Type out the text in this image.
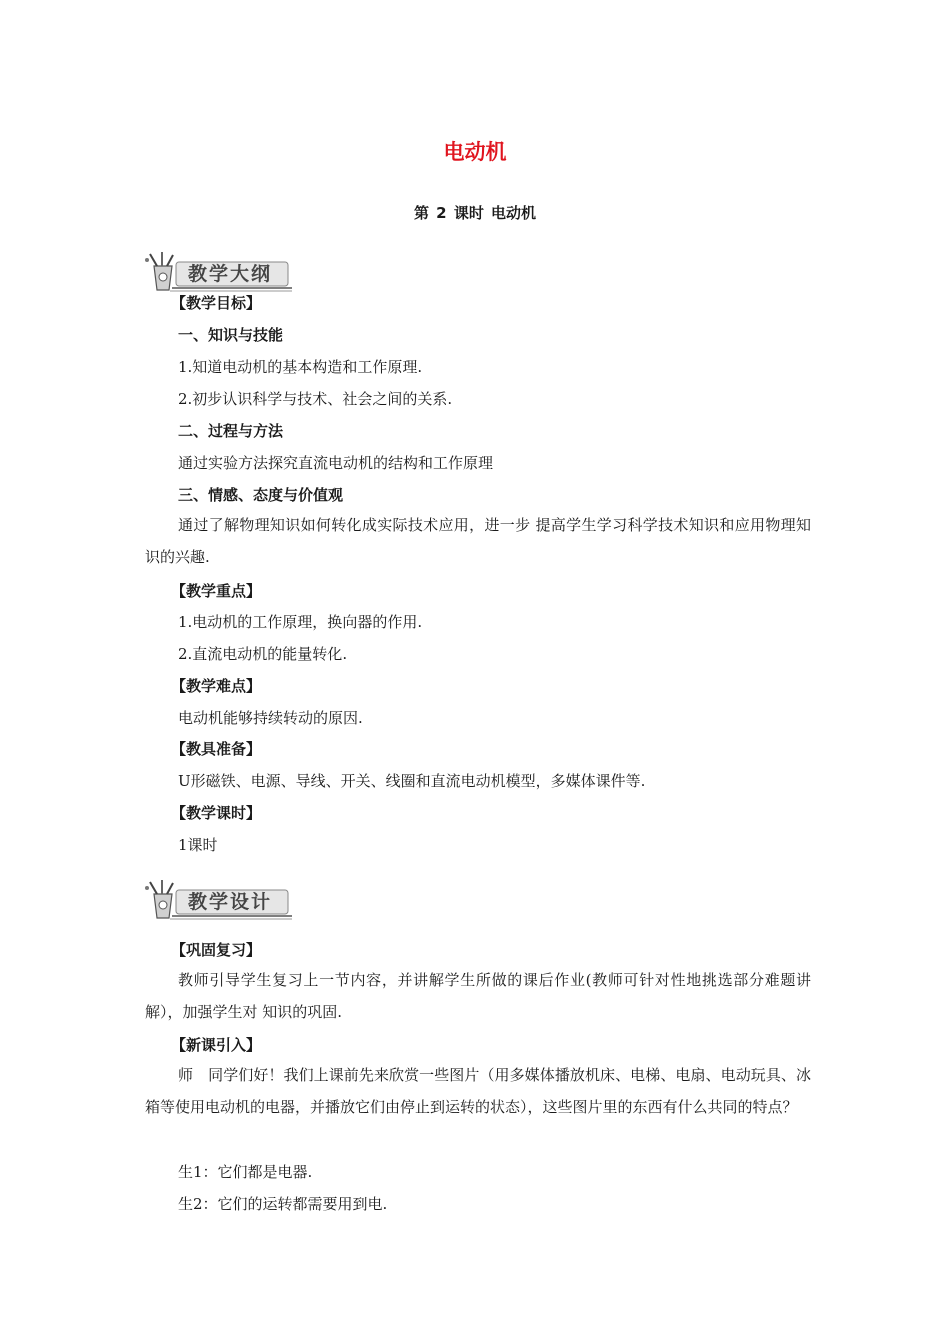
电动机
第 2 课时 电动机
教学大纲
【教学目标】
一、知识与技能
1.知道电动机的基本构造和工作原理.
2.初步认识科学与技术、社会之间的关系.
二、过程与方法
通过实验方法探究直流电动机的结构和工作原理
三、情感、态度与价值观
通过了解物理知识如何转化成实际技术应用，进一步 提高学生学习科学技术知识和应用物理知识的兴趣.
【教学重点】
1.电动机的工作原理，换向器的作用.
2.直流电动机的能量转化.
【教学难点】
电动机能够持续转动的原因.
【教具准备】
U形磁铁、电源、导线、开关、线圈和直流电动机模型，多媒体课件等.
【教学课时】
1课时
教学设计
【巩固复习】
教师引导学生复习上一节内容，并讲解学生所做的课后作业(教师可针对性地挑选部分难题讲解），加强学生对 知识的巩固.
【新课引入】
师　同学们好！我们上课前先来欣赏一些图片（用多媒体播放机床、电梯、电扇、电动玩具、冰箱等使用电动机的电器，并播放它们由停止到运转的状态），这些图片里的东西有什么共同的特点？
生1：它们都是电器.
生2：它们的运转都需要用到电.
